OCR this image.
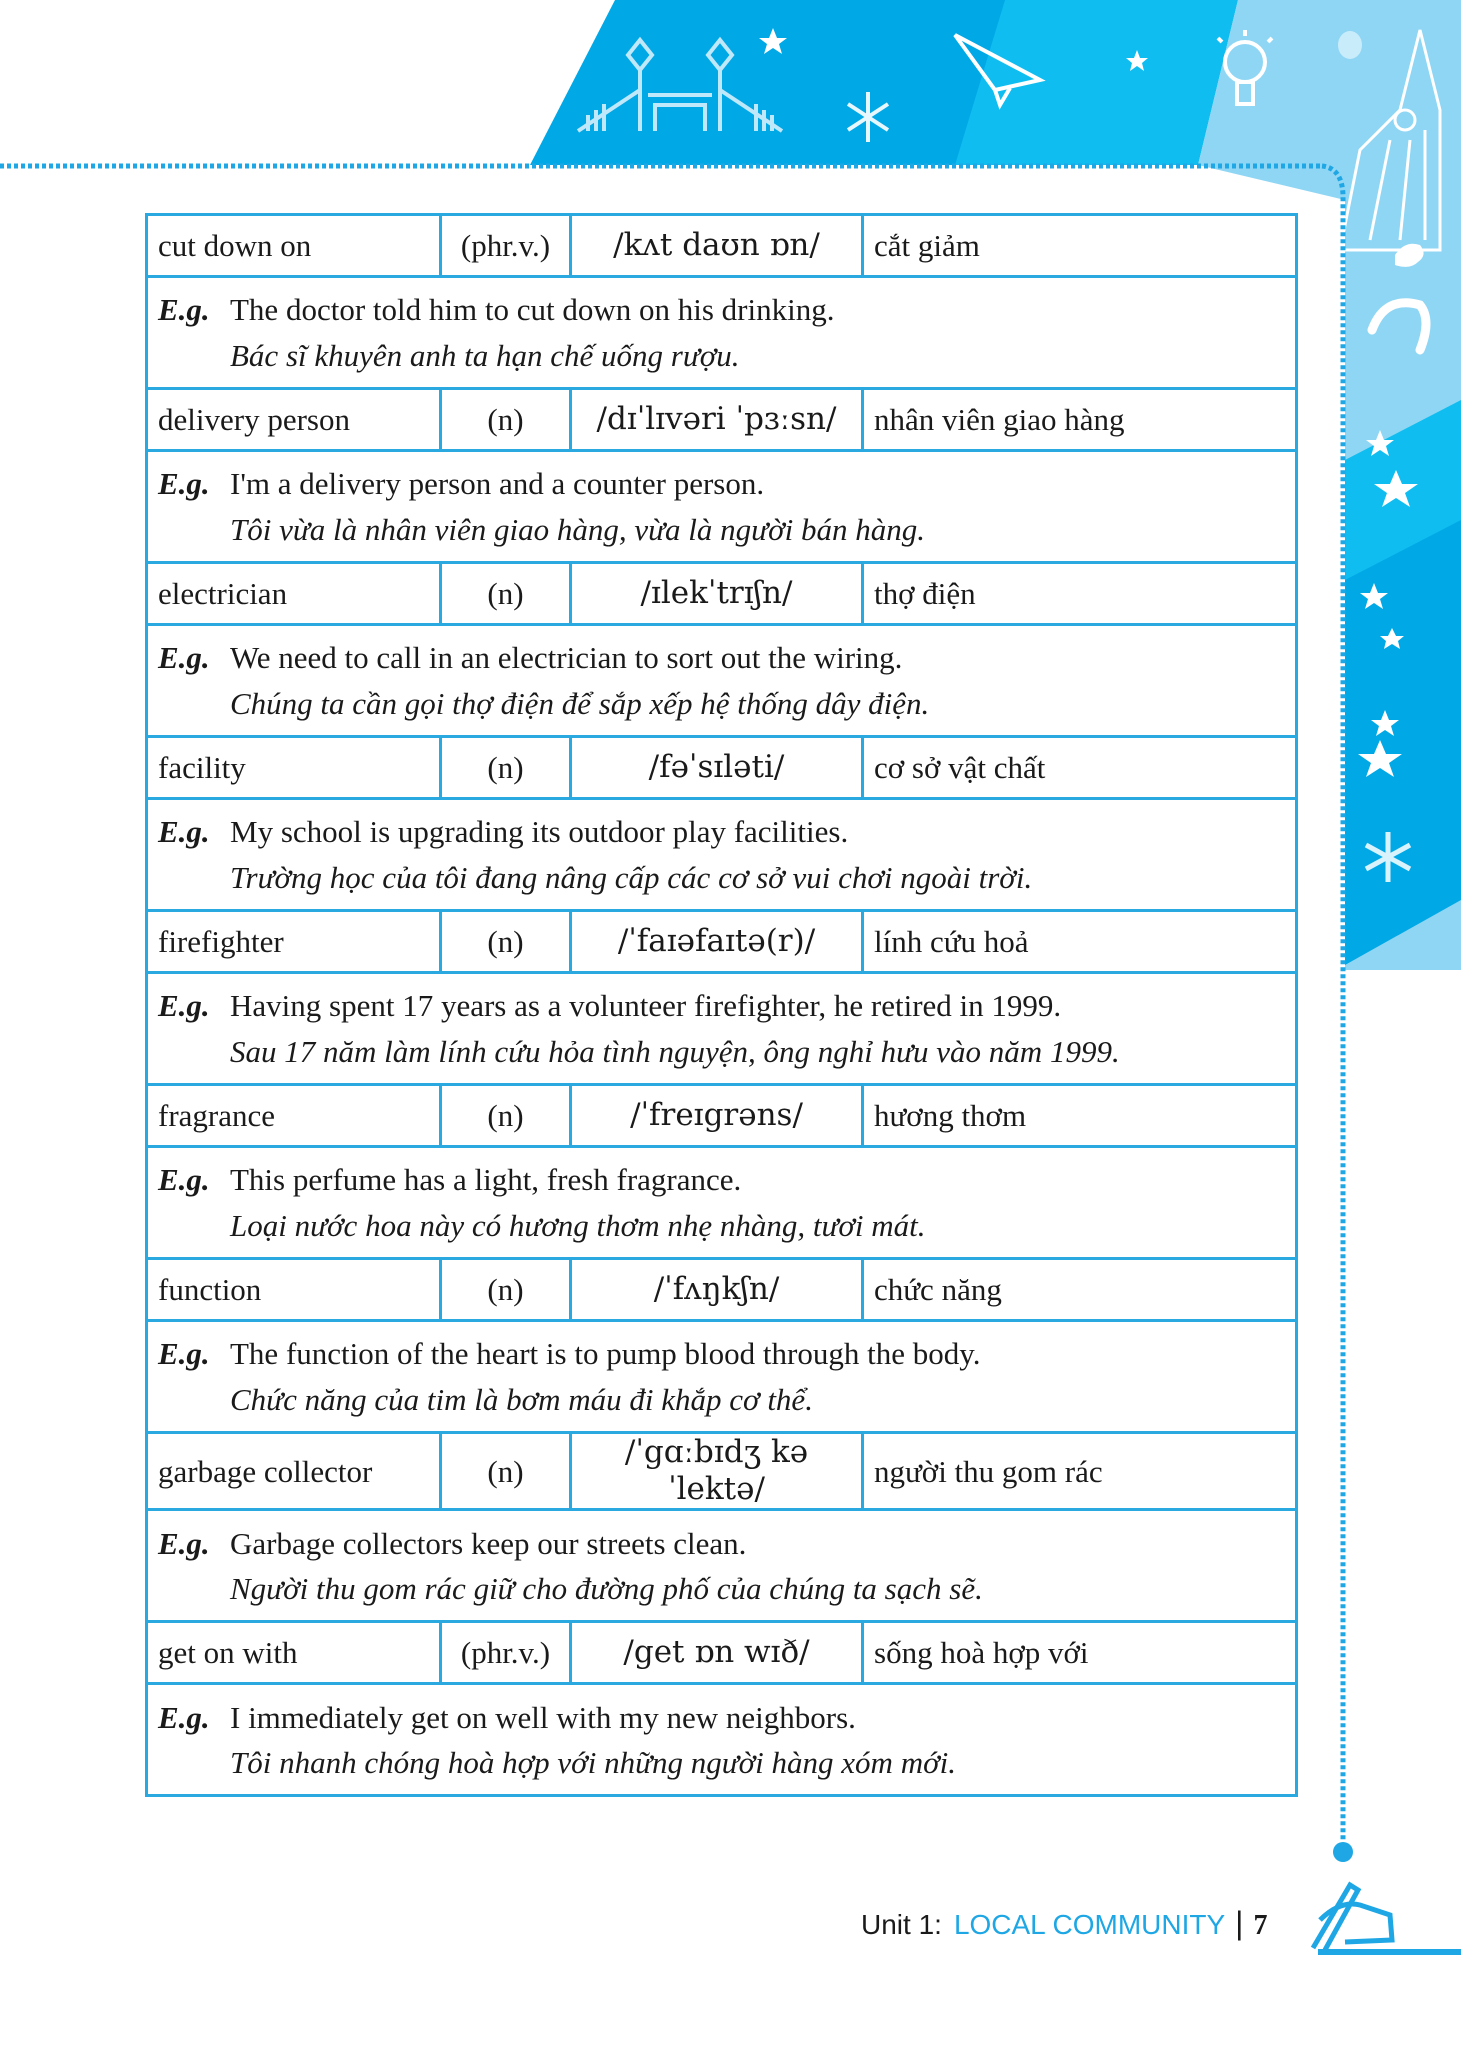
cut down on	(phr.v.)	/kʌt daʊn ɒn/	cắt giảm

E.g. The doctor told him to cut down on his drinking.
Bác sĩ khuyên anh ta hạn chế uống rượu.			

delivery person	(n)	/dɪˈlɪvəri ˈpɜːsn/	nhân viên giao hàng

E.g. I'm a delivery person and a counter person.
Tôi vừa là nhân viên giao hàng, vừa là người bán hàng.			

electrician	(n)	/ɪlekˈtrɪʃn/	thợ điện

E.g. We need to call in an electrician to sort out the wiring.
Chúng ta cần gọi thợ điện để sắp xếp hệ thống dây điện.			

facility	(n)	/fəˈsɪləti/	cơ sở vật chất

E.g. My school is upgrading its outdoor play facilities.
Trường học của tôi đang nâng cấp các cơ sở vui chơi ngoài trời.			

firefighter	(n)	/ˈfaɪəfaɪtə(r)/	lính cứu hoả

E.g. Having spent 17 years as a volunteer firefighter, he retired in 1999.
Sau 17 năm làm lính cứu hỏa tình nguyện, ông nghỉ hưu vào năm 1999.			

fragrance	(n)	/ˈfreɪgrəns/	hương thơm

E.g. This perfume has a light, fresh fragrance.
Loại nước hoa này có hương thơm nhẹ nhàng, tươi mát.			

function	(n)	/ˈfʌŋkʃn/	chức năng

E.g. The function of the heart is to pump blood through the body.
Chức năng của tim là bơm máu đi khắp cơ thể.			

garbage collector	(n)	/ˈgɑːbɪdʒ kəˈlektə/	người thu gom rác

E.g. Garbage collectors keep our streets clean.
Người thu gom rác giữ cho đường phố của chúng ta sạch sẽ.			

get on with	(phr.v.)	/get ɒn wɪð/	sống hoà hợp với

E.g. I immediately get on well with my new neighbors.
Tôi nhanh chóng hoà hợp với những người hàng xóm mới.			
Unit 1: LOCAL COMMUNITY | 7
